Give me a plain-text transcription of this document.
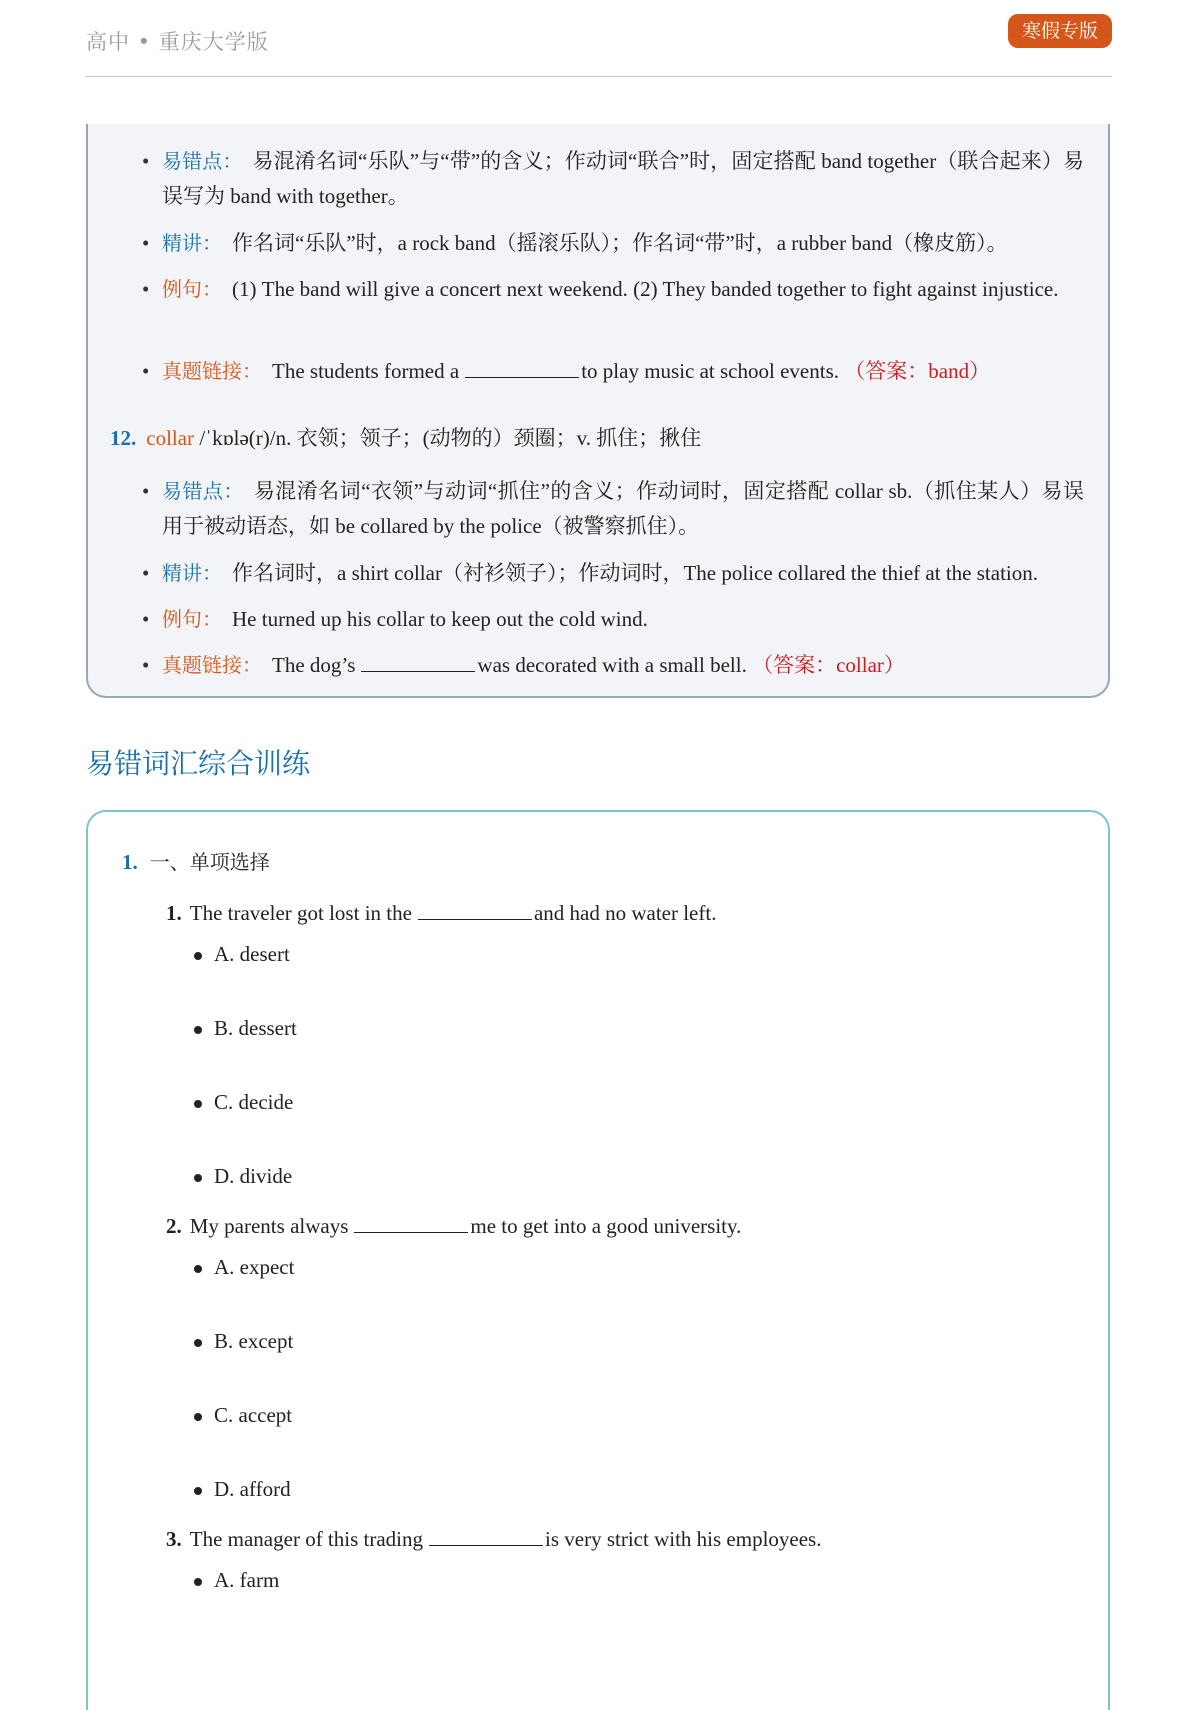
高中 • 重庆大学版	寒假专版
• 易错点： 易混淆名词“乐队”与“带”的含义；作动词“联合”时，固定搭配 band together（联合起来）易误写为 band with together。
• 精讲： 作名词“乐队”时，a rock band（摇滚乐队）；作名词“带”时，a rubber band（橡皮筋）。
• 例句： (1) The band will give a concert next weekend. (2) They banded together to fight against injustice.
• 真题链接： The students formed a	to play music at school events. （答案：band）
12. collar /ˈkɒlə(r)/n. 衣领；领子；(动物的）颈圈；v. 抓住；揪住
• 易错点： 易混淆名词“衣领”与动词“抓住”的含义；作动词时，固定搭配 collar sb.（抓住某人）易误用于被动语态，如 be collared by the police（被警察抓住）。
• 精讲： 作名词时，a shirt collar（衬衫领子）；作动词时，The police collared the thief at the station.
• 例句： He turned up his collar to keep out the cold wind.
• 真题链接： The dog’s	was decorated with a small bell. （答案：collar）
易错词汇综合训练
1. 一、单项选择
1. The traveler got lost in the	and had no water left.
A. desert
B. dessert
C. decide
D. divide
2. My parents always	me to get into a good university.
A. expect
B. except
C. accept
D. afford
3. The manager of this trading	is very strict with his employees.
A. farm
